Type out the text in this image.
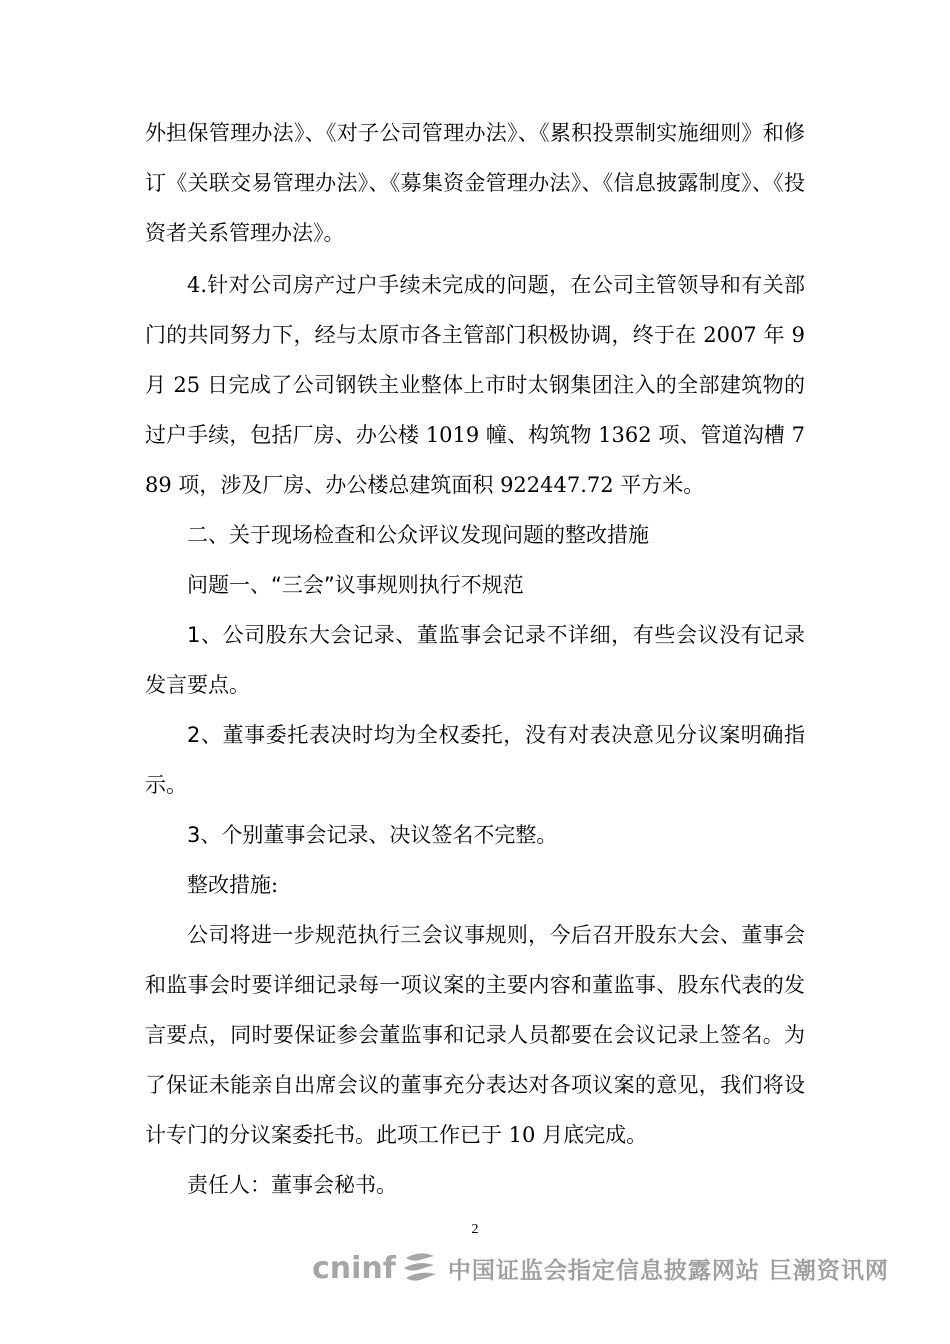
外担保管理办法》、《对子公司管理办法》、《累积投票制实施细则》和修订《关联交易管理办法》、《募集资金管理办法》、《信息披露制度》、《投资者关系管理办法》。

4.针对公司房产过户手续未完成的问题，在公司主管领导和有关部门的共同努力下，经与太原市各主管部门积极协调，终于在 2007 年 9 月 25 日完成了公司钢铁主业整体上市时太钢集团注入的全部建筑物的过户手续，包括厂房、办公楼 1019 幢、构筑物 1362 项、管道沟槽 789 项，涉及厂房、办公楼总建筑面积 922447.72 平方米。

二、关于现场检查和公众评议发现问题的整改措施

问题一、“三会”议事规则执行不规范

1、公司股东大会记录、董监事会记录不详细，有些会议没有记录发言要点。

2、董事委托表决时均为全权委托，没有对表决意见分议案明确指示。

3、个别董事会记录、决议签名不完整。

整改措施:

公司将进一步规范执行三会议事规则，今后召开股东大会、董事会和监事会时要详细记录每一项议案的主要内容和董监事、股东代表的发言要点，同时要保证参会董监事和记录人员都要在会议记录上签名。为了保证未能亲自出席会议的董事充分表达对各项议案的意见，我们将设计专门的分议案委托书。此项工作已于 10 月底完成。

责任人：董事会秘书。

2
cninf 中国证监会指定信息披露网站 巨潮资讯网
